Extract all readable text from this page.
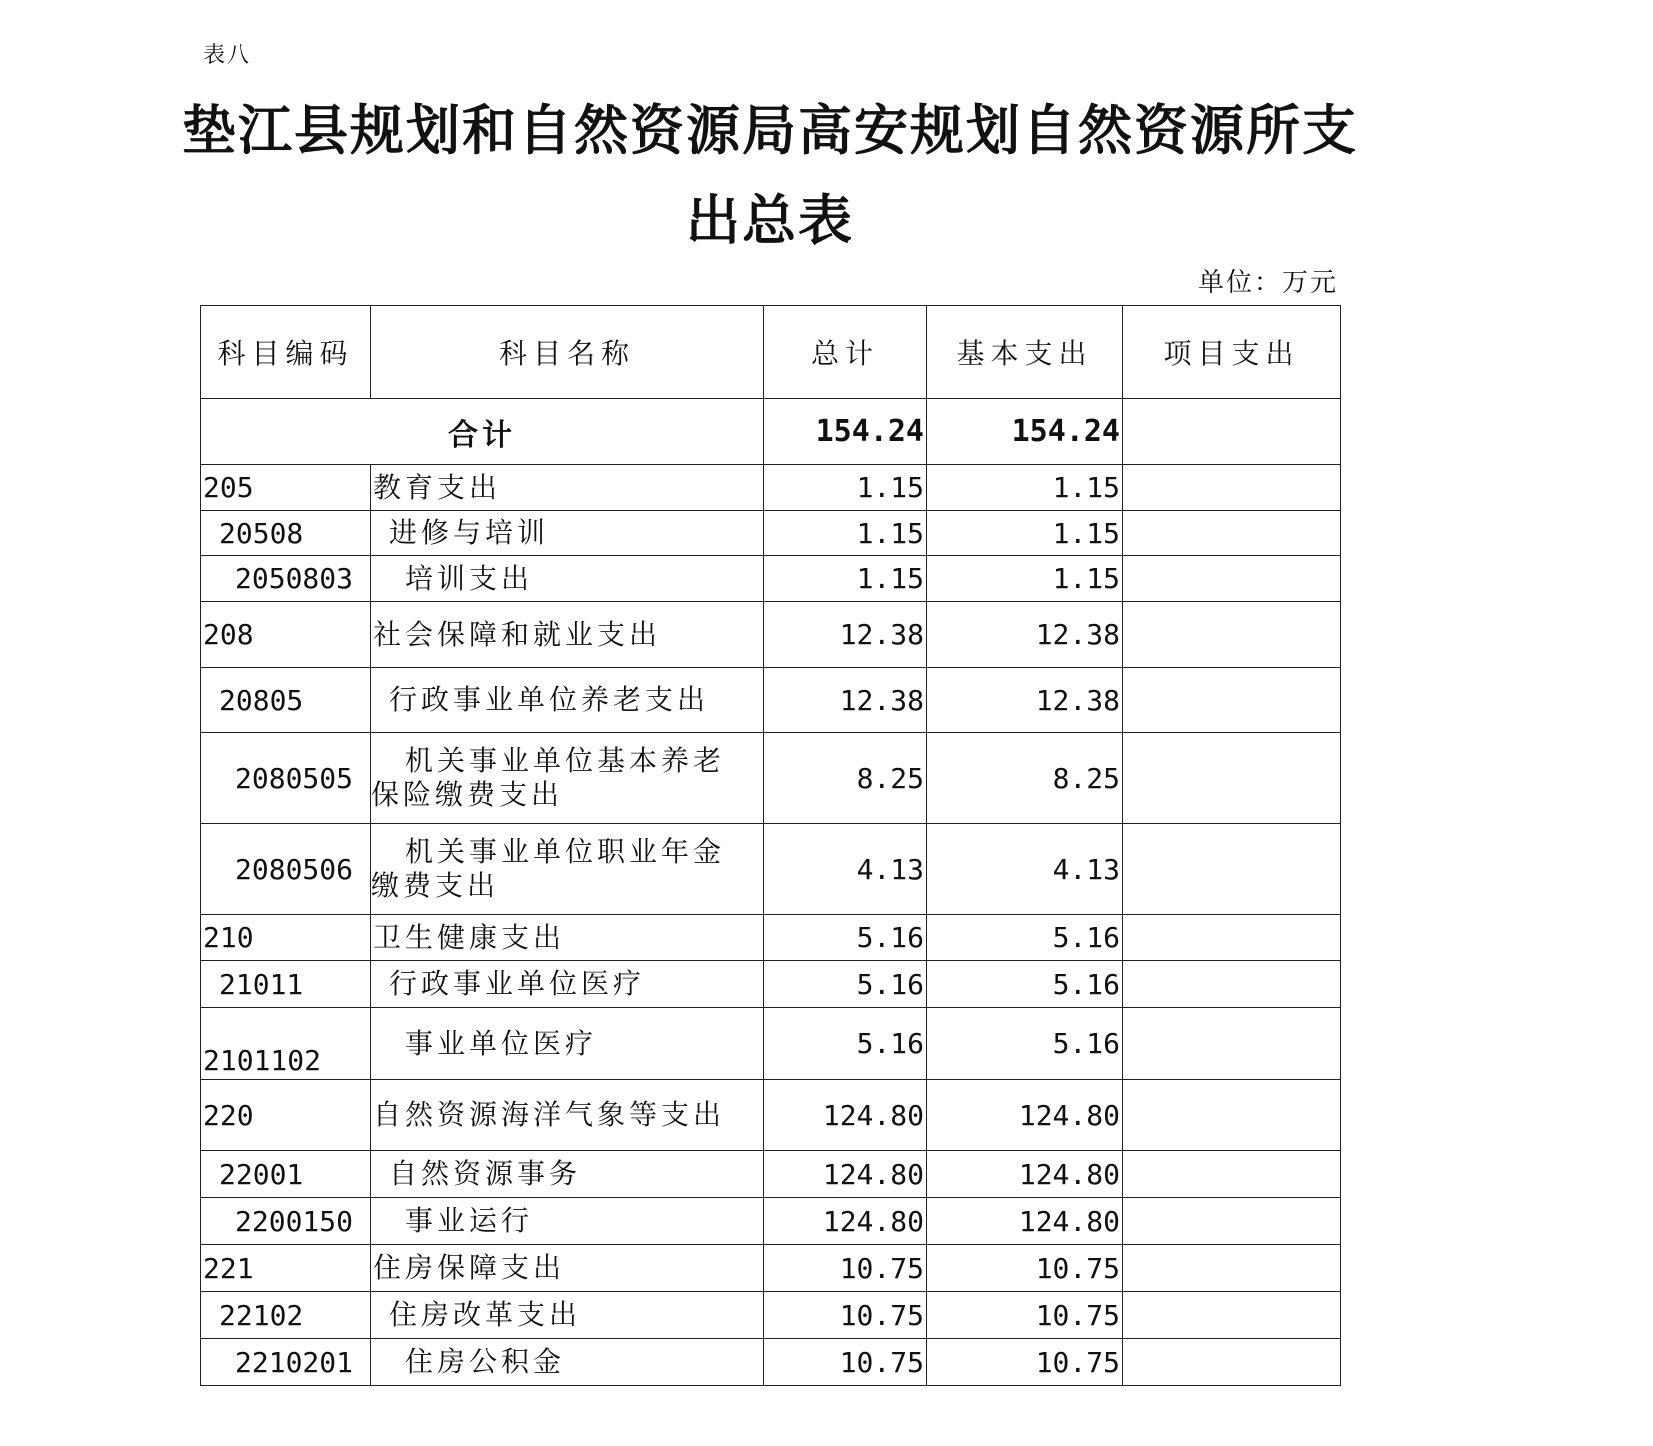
表八
垫江县规划和自然资源局高安规划自然资源所支
出总表
单位：万元
科目编码	科目名称	总计	基本支出	项目支出
合计		154.24	154.24	
205	教育支出	1.15	1.15	
20508	进修与培训	1.15	1.15	
2050803	培训支出	1.15	1.15	
208	社会保障和就业支出	12.38	12.38	
20805	行政事业单位养老支出	12.38	12.38	
2080505	机关事业单位基本养老
保险缴费支出	8.25	8.25	
2080506	机关事业单位职业年金
缴费支出	4.13	4.13	
210	卫生健康支出	5.16	5.16	
21011	行政事业单位医疗	5.16	5.16	
2101102	事业单位医疗	5.16	5.16	
220	自然资源海洋气象等支出	124.80	124.80	
22001	自然资源事务	124.80	124.80	
2200150	事业运行	124.80	124.80	
221	住房保障支出	10.75	10.75	
22102	住房改革支出	10.75	10.75	
2210201	住房公积金	10.75	10.75	
